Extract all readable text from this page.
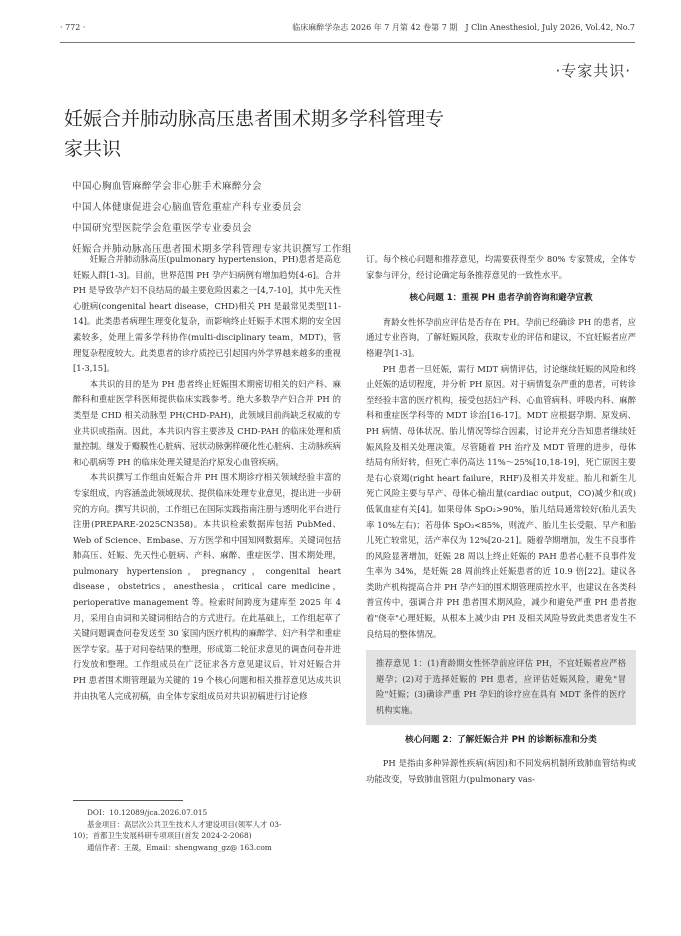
· 772 ·	临床麻醉学杂志 2026 年 7 月第 42 卷第 7 期　J Clin Anesthesiol, July 2026, Vol.42, No.7
·专家共识·
妊娠合并肺动脉高压患者围术期多学科管理专家共识
中国心胸血管麻醉学会非心脏手术麻醉分会
中国人体健康促进会心脑血管危重症产科专业委员会
中国研究型医院学会危重医学专业委员会
妊娠合并肺动脉高压患者围术期多学科管理专家共识撰写工作组

妊娠合并肺动脉高压(pulmonary hypertension，PH)患者是高危妊娠人群[1-3]。目前，世界范围 PH 孕产妇病例有增加趋势[4-6]。合并 PH 是导致孕产妇不良结局的最主要危险因素之一[4,7-10]，其中先天性心脏病(congenital heart disease，CHD)相关 PH 是最常见类型[11-14]。此类患者病理生理变化复杂，而影响终止妊娠手术围术期的安全因素较多，处理上需多学科协作(multi-disciplinary team，MDT)，管理复杂程度较大。此类患者的诊疗质控已引起国内外学界越来越多的重视[1-3,15]。

本共识的目的是为 PH 患者终止妊娠围术期密切相关的妇产科、麻醉科和重症医学科医师提供临床实践参考。绝大多数孕产妇合并 PH 的类型是 CHD 相关动脉型 PH(CHD-PAH)，此领域目前尚缺乏权威的专业共识或指南。因此，本共识内容主要涉及 CHD-PAH 的临床处理和质量控制。继发于瓣膜性心脏病、冠状动脉粥样硬化性心脏病、主动脉疾病和心肌病等 PH 的临床处理关键是治疗原发心血管疾病。

本共识撰写工作组由妊娠合并 PH 围术期诊疗相关领域经验丰富的专家组成，内容涵盖此领域现状、提供临床处理专业意见，提出进一步研究的方向。撰写共识前，工作组已在国际实践指南注册与透明化平台进行注册(PREPARE-2025CN358)。本共识检索数据库包括 PubMed、Web of Science、Embase、万方医学和中国知网数据库。关键词包括肺高压、妊娠、先天性心脏病、产科、麻醉、重症医学、围术期处理，pulmonary hypertension，pregnancy，congenital heart disease，obstetrics，anesthesia，critical care medicine，perioperative management 等。检索时间跨度为建库至 2025 年 4 月，采用自由词和关键词相结合的方式进行。在此基础上，工作组起草了关键问题调查问卷发送至 30 家国内医疗机构的麻醉学、妇产科学和重症医学专家。基于对问卷结果的整理，形成第二轮征求意见的调查问卷并进行发放和整理。工作组成员在广泛征求各方意见建议后，针对妊娠合并 PH 患者围术期管理最为关键的 19 个核心问题和相关推荐意见达成共识并由执笔人完成初稿，由全体专家组成员对共识初稿进行讨论修

DOI：10.12089/jca.2026.07.015
基金项目：高层次公共卫生技术人才建设项目(领军人才 03-
10)；首都卫生发展科研专项项目(首发 2024-2-2068)
通信作者：王晟，Email：shengwang_gz@ 163.com

订。每个核心问题和推荐意见，均需要获得至少 80% 专家赞成，全体专家参与评分，经讨论确定每条推荐意见的一致性水平。

核心问题 1：重视 PH 患者孕前咨询和避孕宣教

育龄女性怀孕前应评估是否存在 PH。孕前已经确诊 PH 的患者，应通过专业咨询，了解妊娠风险，获取专业的评估和建议，不宜妊娠者应严格避孕[1-3]。

PH 患者一旦妊娠，需行 MDT 病情评估，讨论继续妊娠的风险和终止妊娠的适切程度，并分析 PH 原因。对于病情复杂严重的患者，可转诊至经验丰富的医疗机构，接受包括妇产科、心血管病科、呼吸内科、麻醉科和重症医学科等的 MDT 诊治[16-17]。MDT 应根据孕期、原发病、PH 病情、母体状况、胎儿情况等综合因素，讨论并充分告知患者继续妊娠风险及相关处理决策。尽管随着 PH 治疗及 MDT 管理的进步，母体结局有所好转，但死亡率仍高达 11%～25%[10,18-19]，死亡原因主要是右心衰竭(right heart failure，RHF)及相关并发症。胎儿和新生儿死亡风险主要与早产、母体心输出量(cardiac output，CO)减少和(或)低氧血症有关[4]。如果母体 SpO₂>90%，胎儿结局通常较好(胎儿丢失率 10%左右)；若母体 SpO₂<85%，则流产、胎儿生长受限、早产和胎儿死亡较常见，活产率仅为 12%[20-21]。随着孕期增加，发生不良事件的风险显著增加，妊娠 28 周以上终止妊娠的 PAH 患者心脏不良事件发生率为 34%，是妊娠 28 周前终止妊娠患者的近 10.9 倍[22]。建议各类助产机构提高合并 PH 孕产妇的围术期管理质控水平，也建议在各类科普宣传中，强调合并 PH 患者围术期风险，减少和避免严重 PH 患者抱着"侥幸"心理妊娠，从根本上减少由 PH 及相关风险导致此类患者发生不良结局的整体情况。

推荐意见 1：(1)育龄期女性怀孕前应评估 PH，不宜妊娠者应严格避孕；(2)对于选择妊娠的 PH 患者，应评估妊娠风险，避免"冒险"妊娠；(3)确诊严重 PH 孕妇的诊疗应在具有 MDT 条件的医疗机构实施。
核心问题 2：了解妊娠合并 PH 的诊断标准和分类

PH 是指由多种异源性疾病(病因)和不同发病机制所致肺血管结构或功能改变，导致肺血管阻力(pulmonary vas-
